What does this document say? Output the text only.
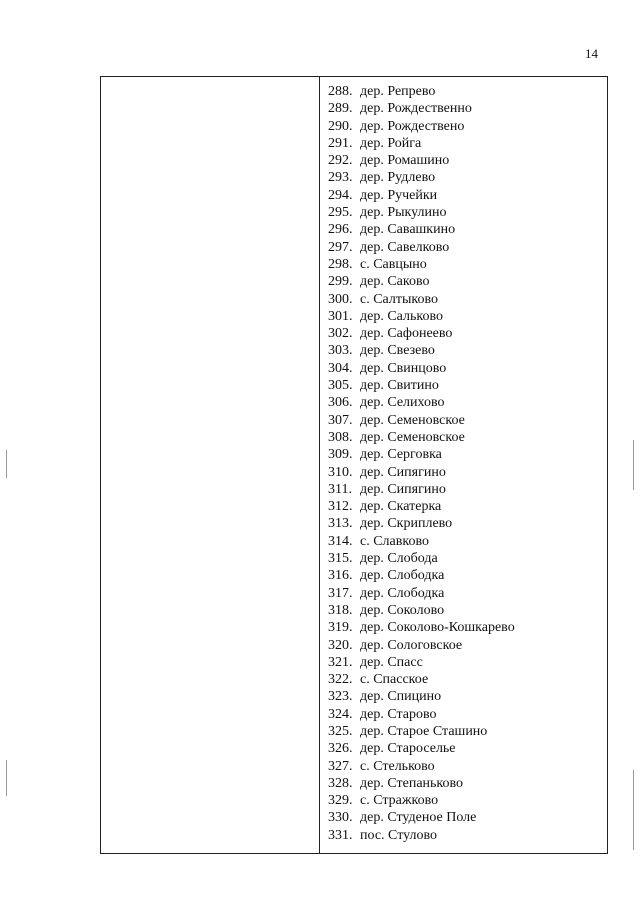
14
288. дер. Репрево
289. дер. Рождественно
290. дер. Рождествено
291. дер. Ройга
292. дер. Ромашино
293. дер. Рудлево
294. дер. Ручейки
295. дер. Рыкулино
296. дер. Савашкино
297. дер. Савелково
298. с. Савцыно
299. дер. Саково
300. с. Салтыково
301. дер. Сальково
302. дер. Сафонеево
303. дер. Свезево
304. дер. Свинцово
305. дер. Свитино
306. дер. Селихово
307. дер. Семеновское
308. дер. Семеновское
309. дер. Серговка
310. дер. Сипягино
311. дер. Сипягино
312. дер. Скатерка
313. дер. Скриплево
314. с. Славково
315. дер. Слобода
316. дер. Слободка
317. дер. Слободка
318. дер. Соколово
319. дер. Соколово-Кошкарево
320. дер. Сологовское
321. дер. Спасс
322. с. Спасское
323. дер. Спицино
324. дер. Старово
325. дер. Старое Сташино
326. дер. Староселье
327. с. Стельково
328. дер. Степаньково
329. с. Стражково
330. дер. Студеное Поле
331. пос. Стулово
